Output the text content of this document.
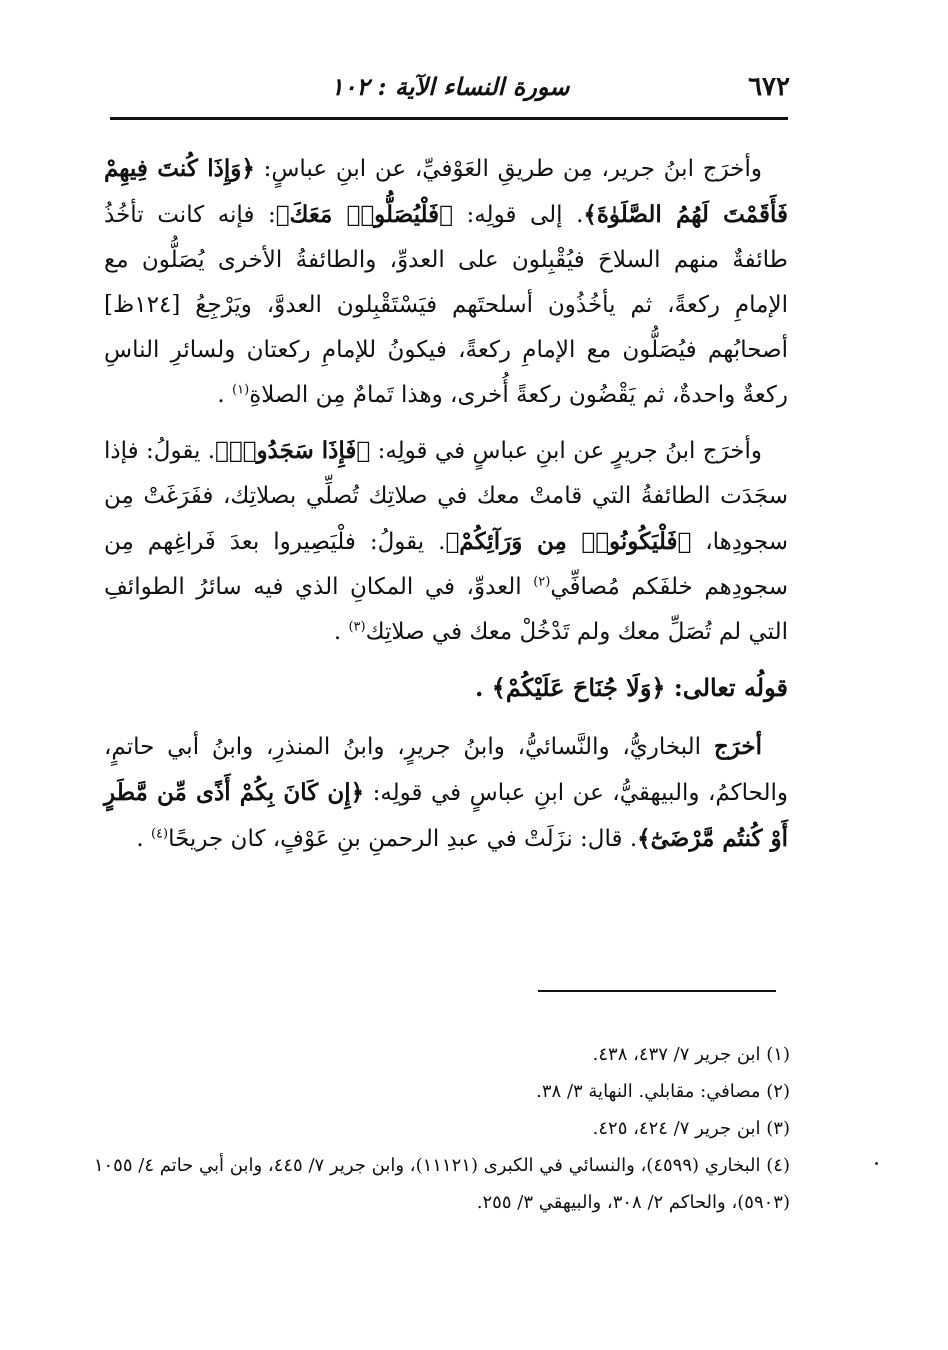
٦٧٢
سورة النساء الآية : ١٠٢

وأخرَج ابنُ جرير، مِن طريقِ العَوْفيِّ، عن ابنِ عباسٍ: ﴿وَإِذَا كُنتَ فِيهِمْ فَأَقَمْتَ لَهُمُ الصَّلَوٰةَ﴾. إلى قولِه: ﴿فَلْيُصَلُّوا۟ مَعَكَ﴾: فإنه كانت تأخُذُ طائفةٌ منهم السلاحَ فيُقْبِلون على العدوِّ، والطائفةُ الأخرى يُصَلُّون مع الإمامِ ركعةً، ثم يأخُذُون أسلحتَهم فيَسْتَقْبِلون العدوَّ، ويَرْجِعُ [١٢٤ظ] أصحابُهم فيُصَلُّون مع الإمامِ ركعةً، فيكونُ للإمامِ ركعتان ولسائرِ الناسِ ركعةٌ واحدةٌ، ثم يَقْضُون ركعةً أُخرى، وهذا تَمامٌ مِن الصلاةِ$^{(١)}$ .

وأخرَج ابنُ جريرٍ عن ابنِ عباسٍ في قولِه: ﴿فَإِذَا سَجَدُوا۟﴾. يقولُ: فإذا سجَدَت الطائفةُ التي قامتْ معك في صلاتِك تُصلِّي بصلاتِك، ففَرَغَتْ مِن سجودِها، ﴿فَلْيَكُونُوا۟ مِن وَرَآئِكُمْ﴾. يقولُ: فلْيَصِيروا بعدَ فَراغِهم مِن سجودِهم خلفَكم مُصافِّي$^{(٢)}$ العدوِّ، في المكانِ الذي فيه سائرُ الطوائفِ التي لم تُصَلِّ معك ولم تَدْخُلْ معك في صلاتِك$^{(٣)}$ .

قولُه تعالى: ﴿وَلَا جُنَاحَ عَلَيْكُمْ﴾ .

أخرَج البخاريُّ، والنَّسائيُّ، وابنُ جريرٍ، وابنُ المنذرِ، وابنُ أبي حاتمٍ، والحاكمُ، والبيهقيُّ، عن ابنِ عباسٍ في قولِه: ﴿إِن كَانَ بِكُمْ أَذًى مِّن مَّطَرٍ أَوْ كُنتُم مَّرْضَىٰٓ﴾. قال: نزَلَتْ في عبدِ الرحمنِ بنِ عَوْفٍ، كان جريحًا$^{(٤)}$ .

(١) ابن جرير ٧/ ٤٣٧، ٤٣٨.

(٢) مصافي: مقابلي. النهاية ٣/ ٣٨.

(٣) ابن جرير ٧/ ٤٢٤، ٤٢٥.

(٤) البخاري (٤٥٩٩)، والنسائي في الكبرى (١١١٢١)، وابن جرير ٧/ ٤٤٥، وابن أبي حاتم ٤/ ١٠٥٥ (٥٩٠٣)، والحاكم ٢/ ٣٠٨، والبيهقي ٣/ ٢٥٥.
